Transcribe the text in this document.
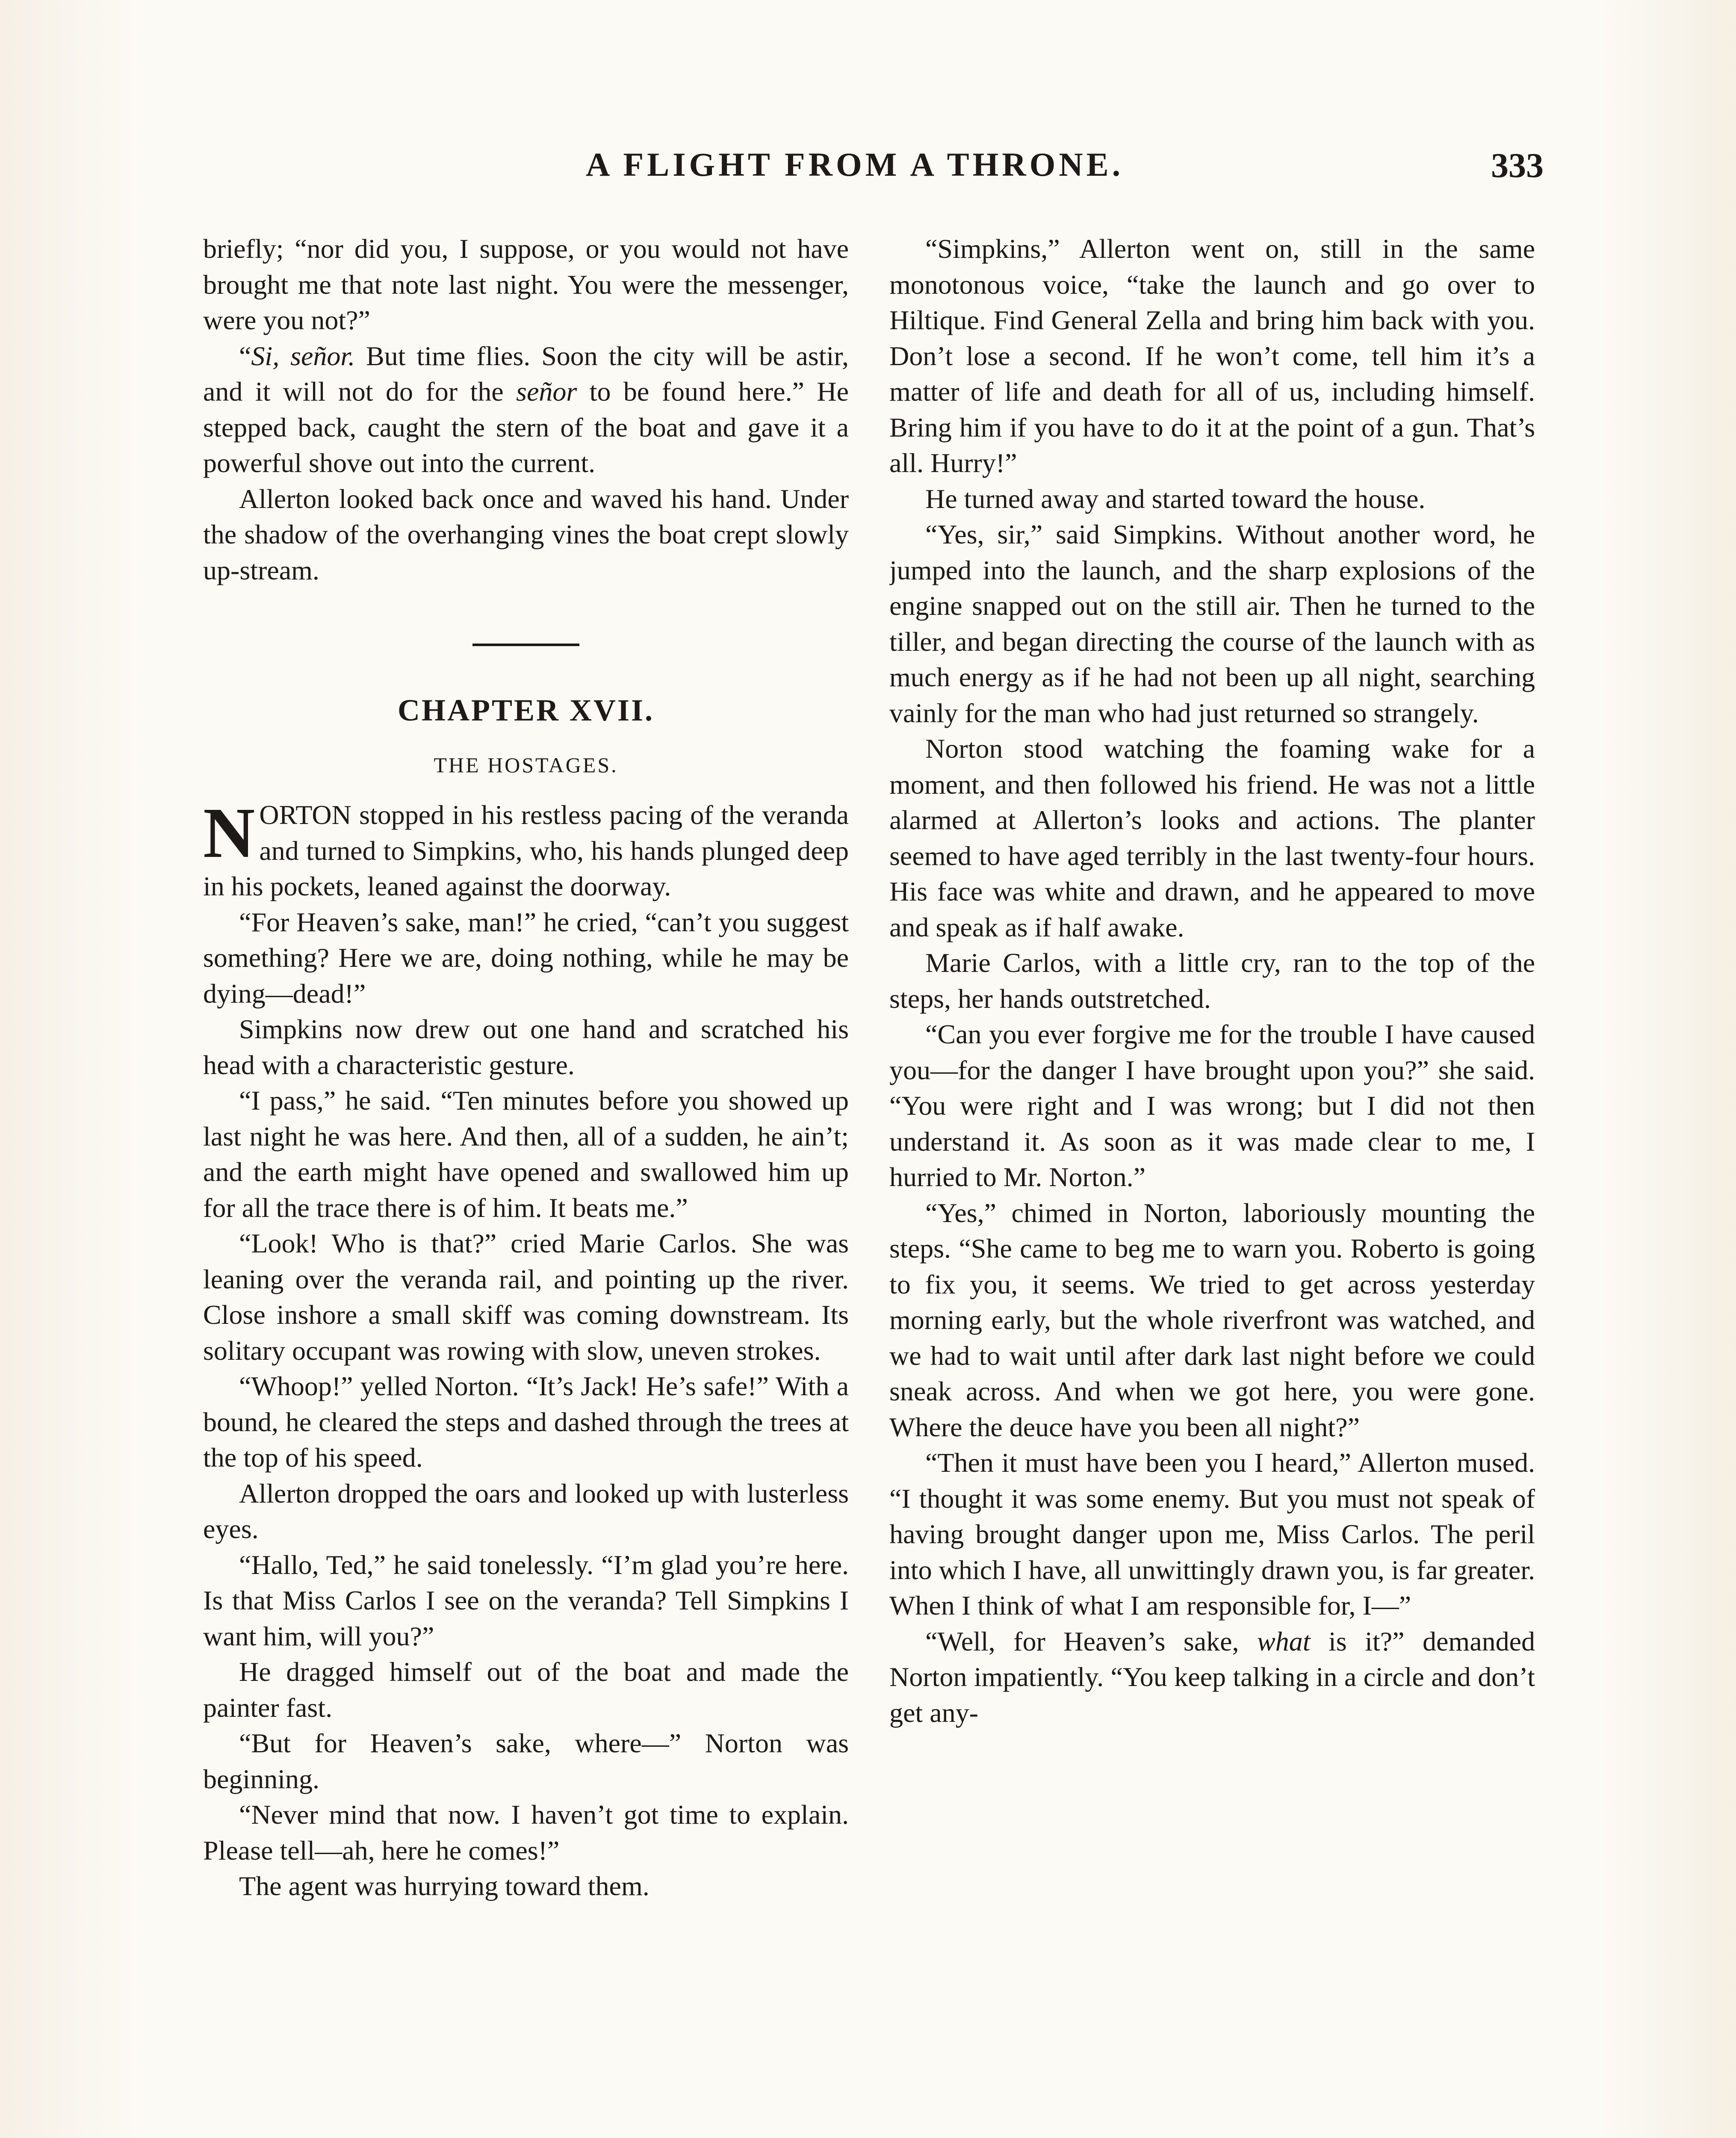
A FLIGHT FROM A THRONE.	333

briefly; “nor did you, I suppose, or you would not have brought me that note last night. You were the messenger, were you not?”

“Si, señor. But time flies. Soon the city will be astir, and it will not do for the señor to be found here.” He stepped back, caught the stern of the boat and gave it a powerful shove out into the current.

Allerton looked back once and waved his hand. Under the shadow of the overhanging vines the boat crept slowly up-stream.

CHAPTER XVII.
THE HOSTAGES.

NORTON stopped in his restless pacing of the veranda and turned to Simpkins, who, his hands plunged deep in his pockets, leaned against the doorway.

“For Heaven’s sake, man!” he cried, “can’t you suggest something? Here we are, doing nothing, while he may be dying—dead!”

Simpkins now drew out one hand and scratched his head with a characteristic gesture.

“I pass,” he said. “Ten minutes before you showed up last night he was here. And then, all of a sudden, he ain’t; and the earth might have opened and swallowed him up for all the trace there is of him. It beats me.”

“Look! Who is that?” cried Marie Carlos. She was leaning over the veranda rail, and pointing up the river. Close inshore a small skiff was coming downstream. Its solitary occupant was rowing with slow, uneven strokes.

“Whoop!” yelled Norton. “It’s Jack! He’s safe!” With a bound, he cleared the steps and dashed through the trees at the top of his speed.

Allerton dropped the oars and looked up with lusterless eyes.

“Hallo, Ted,” he said tonelessly. “I’m glad you’re here. Is that Miss Carlos I see on the veranda? Tell Simpkins I want him, will you?”

He dragged himself out of the boat and made the painter fast.

“But for Heaven’s sake, where—” Norton was beginning.

“Never mind that now. I haven’t got time to explain. Please tell—ah, here he comes!”

The agent was hurrying toward them.

“Simpkins,” Allerton went on, still in the same monotonous voice, “take the launch and go over to Hiltique. Find General Zella and bring him back with you. Don’t lose a second. If he won’t come, tell him it’s a matter of life and death for all of us, including himself. Bring him if you have to do it at the point of a gun. That’s all. Hurry!”

He turned away and started toward the house.

“Yes, sir,” said Simpkins. Without another word, he jumped into the launch, and the sharp explosions of the engine snapped out on the still air. Then he turned to the tiller, and began directing the course of the launch with as much energy as if he had not been up all night, searching vainly for the man who had just returned so strangely.

Norton stood watching the foaming wake for a moment, and then followed his friend. He was not a little alarmed at Allerton’s looks and actions. The planter seemed to have aged terribly in the last twenty-four hours. His face was white and drawn, and he appeared to move and speak as if half awake.

Marie Carlos, with a little cry, ran to the top of the steps, her hands outstretched.

“Can you ever forgive me for the trouble I have caused you—for the danger I have brought upon you?” she said. “You were right and I was wrong; but I did not then understand it. As soon as it was made clear to me, I hurried to Mr. Norton.”

“Yes,” chimed in Norton, laboriously mounting the steps. “She came to beg me to warn you. Roberto is going to fix you, it seems. We tried to get across yesterday morning early, but the whole riverfront was watched, and we had to wait until after dark last night before we could sneak across. And when we got here, you were gone. Where the deuce have you been all night?”

“Then it must have been you I heard,” Allerton mused. “I thought it was some enemy. But you must not speak of having brought danger upon me, Miss Carlos. The peril into which I have, all unwittingly drawn you, is far greater. When I think of what I am responsible for, I—”

“Well, for Heaven’s sake, what is it?” demanded Norton impatiently. “You keep talking in a circle and don’t get any-
